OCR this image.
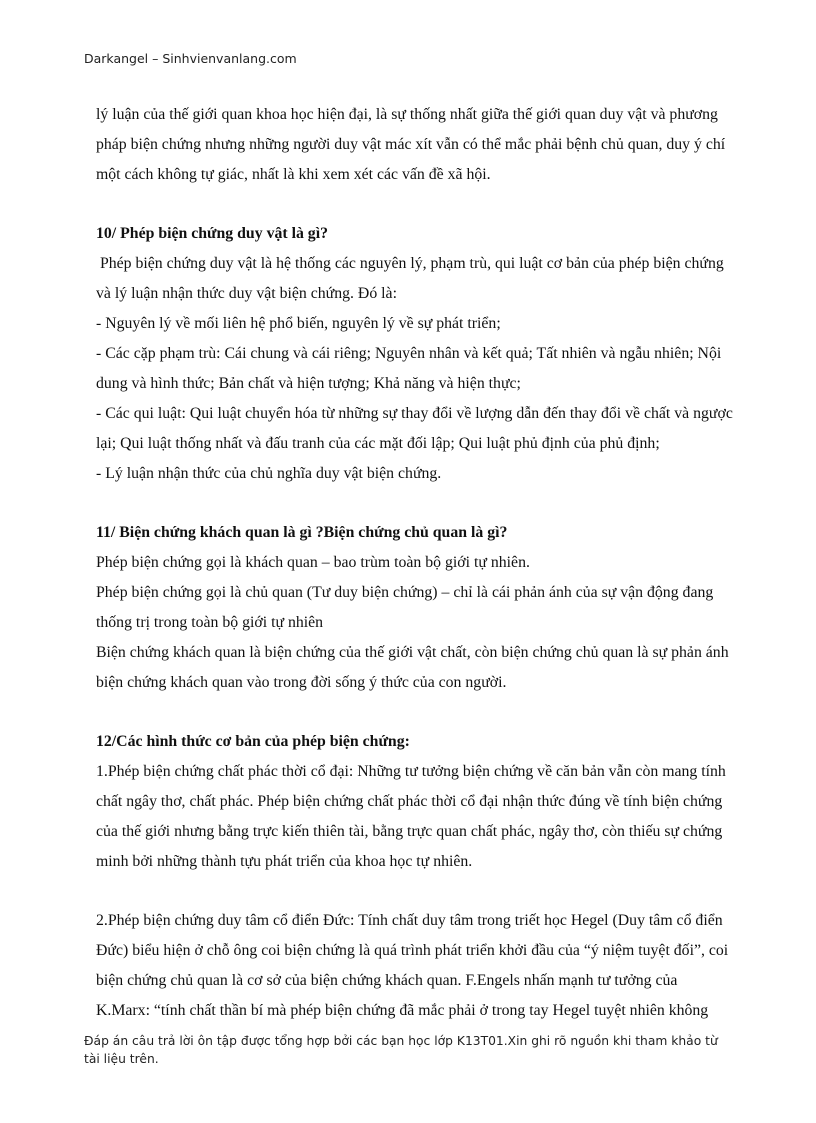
Darkangel – Sinhvienvanlang.com
lý luận của thế giới quan khoa học hiện đại, là sự thống nhất giữa thế giới quan duy vật và phương
pháp biện chứng nhưng những người duy vật mác xít vẫn có thể mắc phải bệnh chủ quan, duy ý chí
một cách không tự giác, nhất là khi xem xét các vấn đề xã hội.
10/ Phép biện chứng duy vật là gì?
Phép biện chứng duy vật là hệ thống các nguyên lý, phạm trù, qui luật cơ bản của phép biện chứng
và lý luận nhận thức duy vật biện chứng. Đó là:
- Nguyên lý về mối liên hệ phổ biến, nguyên lý về sự phát triển;
- Các cặp phạm trù: Cái chung và cái riêng; Nguyên nhân và kết quả; Tất nhiên và ngẫu nhiên; Nội
dung và hình thức; Bản chất và hiện tượng; Khả năng và hiện thực;
- Các qui luật: Qui luật chuyển hóa từ những sự thay đổi về lượng dẫn đến thay đổi về chất và ngược
lại; Qui luật thống nhất và đấu tranh của các mặt đối lập; Qui luật phủ định của phủ định;
- Lý luận nhận thức của chủ nghĩa duy vật biện chứng.
11/ Biện chứng khách quan là gì ?Biện chứng chủ quan là gì?
Phép biện chứng gọi là khách quan – bao trùm toàn bộ giới tự nhiên.
Phép biện chứng gọi là chủ quan (Tư duy biện chứng) – chỉ là cái phản ánh của sự vận động đang
thống trị trong toàn bộ giới tự nhiên
Biện chứng khách quan là biện chứng của thế giới vật chất, còn biện chứng chủ quan là sự phản ánh
biện chứng khách quan vào trong đời sống ý thức của con người.
12/Các hình thức cơ bản của phép biện chứng:
1.Phép biện chứng chất phác thời cổ đại: Những tư tưởng biện chứng về căn bản vẫn còn mang tính
chất ngây thơ, chất phác. Phép biện chứng chất phác thời cổ đại nhận thức đúng về tính biện chứng
của thế giới nhưng bằng trực kiến thiên tài, bằng trực quan chất phác, ngây thơ, còn thiếu sự chứng
minh bởi những thành tựu phát triển của khoa học tự nhiên.
2.Phép biện chứng duy tâm cổ điển Đức: Tính chất duy tâm trong triết học Hegel (Duy tâm cổ điển
Đức) biểu hiện ở chỗ ông coi biện chứng là quá trình phát triển khởi đầu của “ý niệm tuyệt đối”, coi
biện chứng chủ quan là cơ sở của biện chứng khách quan. F.Engels nhấn mạnh tư tưởng của
K.Marx: “tính chất thần bí mà phép biện chứng đã mắc phải ở trong tay Hegel tuyệt nhiên không
Đáp án câu trả lời ôn tập được tổng hợp bởi các bạn học lớp K13T01.Xin ghi rõ nguồn khi tham khảo từ
tài liệu trên.
